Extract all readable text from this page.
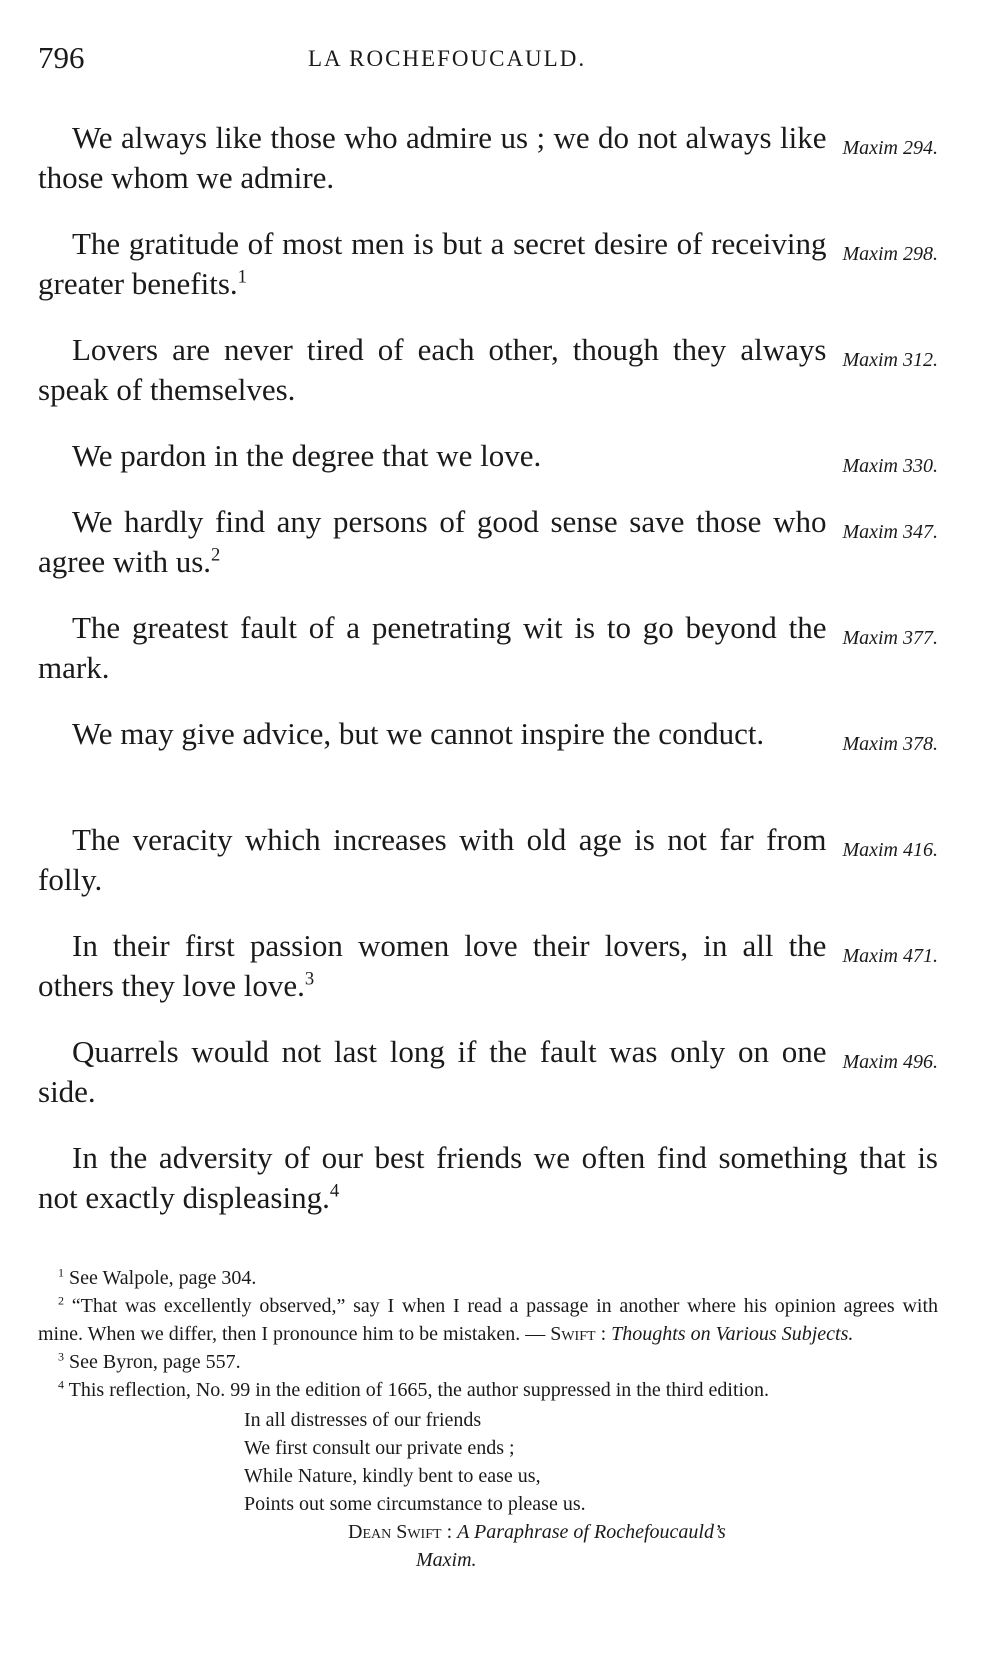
796	LA ROCHEFOUCAULD.

Maxim 294.
We always like those who admire us ; we do not always like those whom we admire.

Maxim 298.
The gratitude of most men is but a secret desire of receiving greater benefits.$^1$

Maxim 312.
Lovers are never tired of each other, though they always speak of themselves.

Maxim 330.
We pardon in the degree that we love.

Maxim 347.
We hardly find any persons of good sense save those who agree with us.$^2$

Maxim 377.
The greatest fault of a penetrating wit is to go beyond the mark.

Maxim 378.
We may give advice, but we cannot inspire the conduct.

Maxim 416.
The veracity which increases with old age is not far from folly.

Maxim 471.
In their first passion women love their lovers, in all the others they love love.$^3$

Maxim 496.
Quarrels would not last long if the fault was only on one side.

In the adversity of our best friends we often find something that is not exactly displeasing.$^4$

$^1$ See Walpole, page 304.

$^2$ “That was excellently observed,” say I when I read a passage in another where his opinion agrees with mine. When we differ, then I pronounce him to be mistaken. — Swift : Thoughts on Various Subjects.

$^3$ See Byron, page 557.

$^4$ This reflection, No. 99 in the edition of 1665, the author suppressed in the third edition.

In all distresses of our friends
We first consult our private ends ;
While Nature, kindly bent to ease us,
Points out some circumstance to please us.
Dean Swift : A Paraphrase of Rochefoucauld’s
Maxim.
